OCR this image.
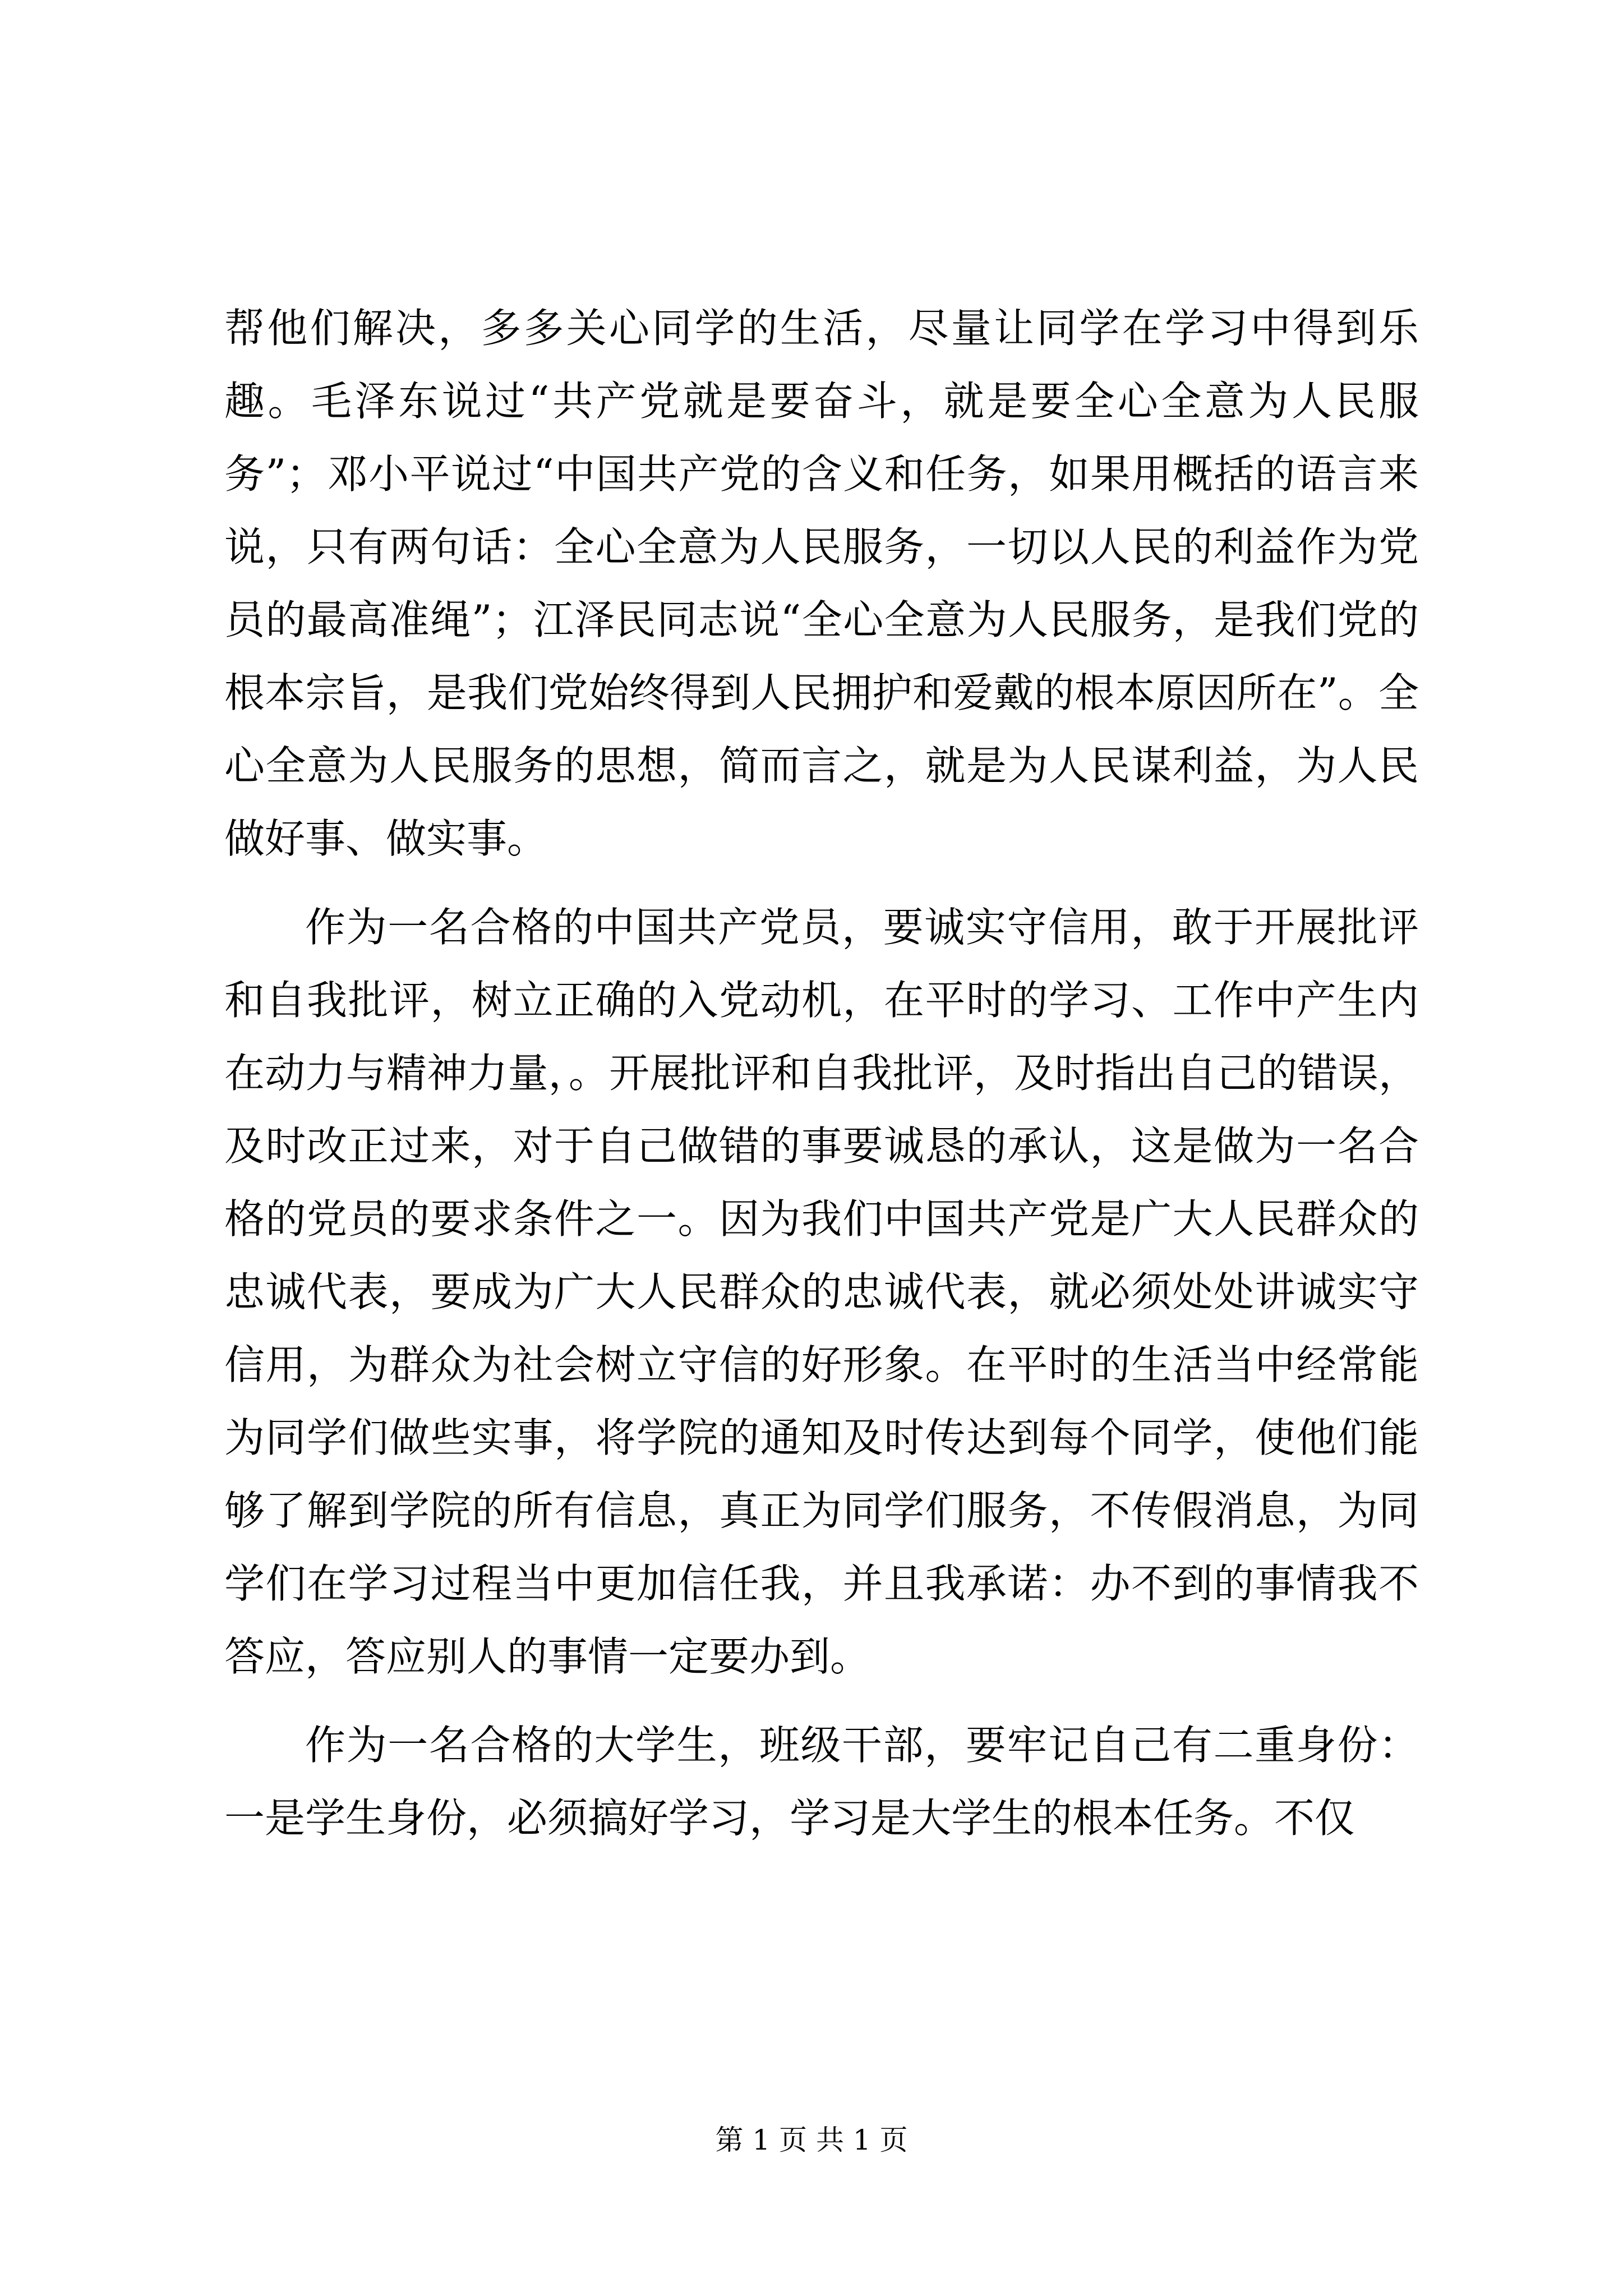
帮他们解决，多多关心同学的生活，尽量让同学在学习中得到乐趣。毛泽东说过“共产党就是要奋斗，就是要全心全意为人民服务”；邓小平说过“中国共产党的含义和任务，如果用概括的语言来说，只有两句话：全心全意为人民服务，一切以人民的利益作为党员的最高准绳”；江泽民同志说“全心全意为人民服务，是我们党的根本宗旨，是我们党始终得到人民拥护和爱戴的根本原因所在”。全心全意为人民服务的思想，简而言之，就是为人民谋利益，为人民做好事、做实事。

作为一名合格的中国共产党员，要诚实守信用，敢于开展批评和自我批评，树立正确的入党动机，在平时的学习、工作中产生内在动力与精神力量，。开展批评和自我批评，及时指出自己的错误，及时改正过来，对于自己做错的事要诚恳的承认，这是做为一名合格的党员的要求条件之一。因为我们中国共产党是广大人民群众的忠诚代表，要成为广大人民群众的忠诚代表，就必须处处讲诚实守信用，为群众为社会树立守信的好形象。在平时的生活当中经常能为同学们做些实事，将学院的通知及时传达到每个同学，使他们能够了解到学院的所有信息，真正为同学们服务，不传假消息，为同学们在学习过程当中更加信任我，并且我承诺：办不到的事情我不答应，答应别人的事情一定要办到。

作为一名合格的大学生，班级干部，要牢记自己有二重身份：一是学生身份，必须搞好学习，学习是大学生的根本任务。不仅

第 1 页 共 1 页
